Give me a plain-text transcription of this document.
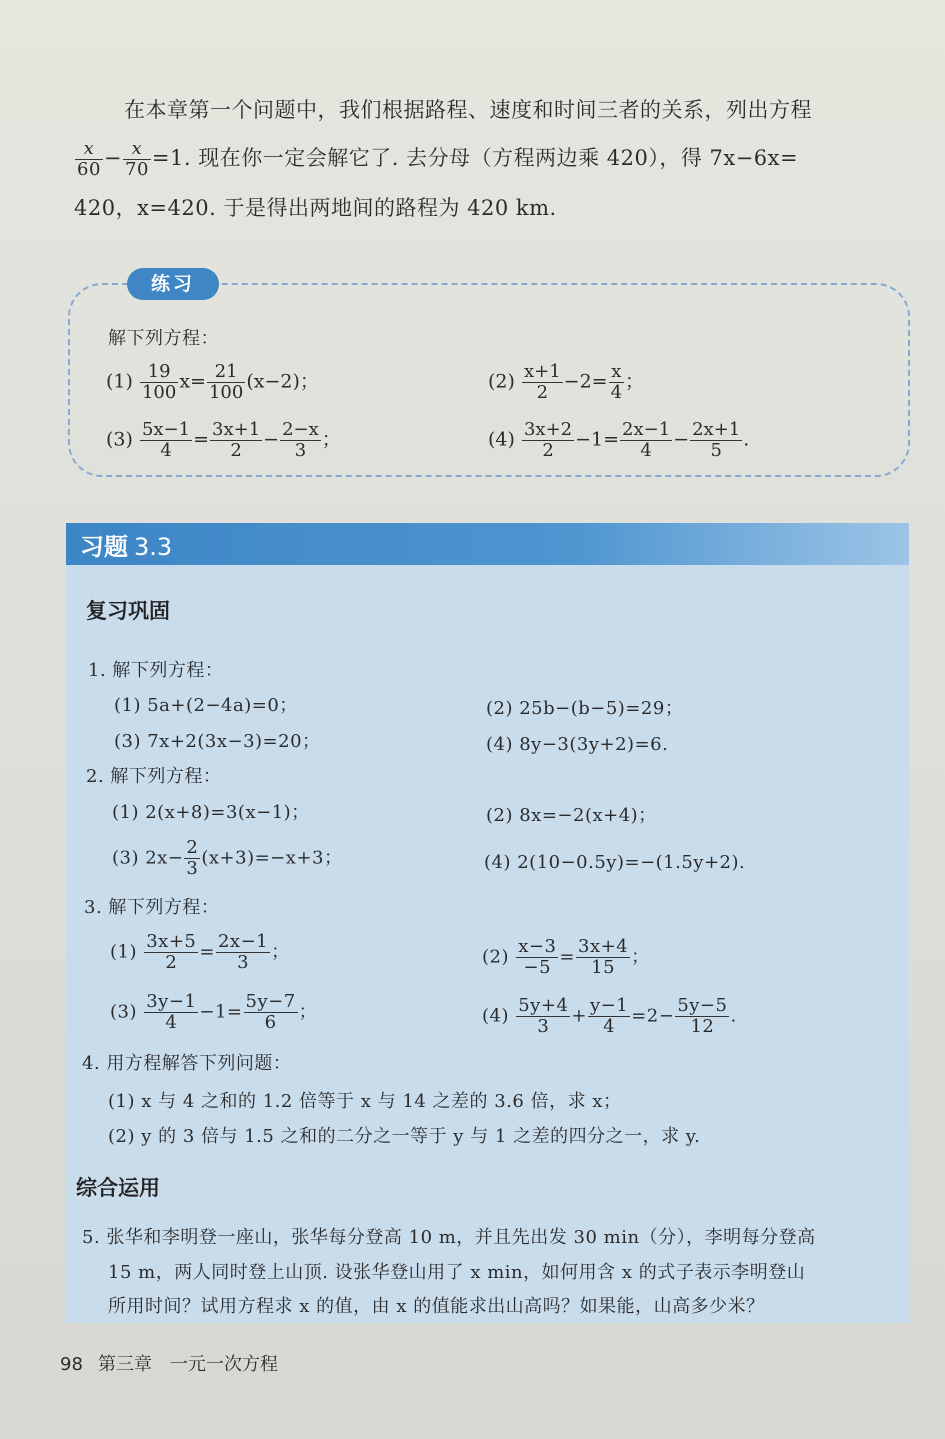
在本章第一个问题中，我们根据路程、速度和时间三者的关系，列出方程
$\frac{x}{60} - \frac{x}{70} =1$. 现在你一定会解它了. 去分母（方程两边乘 420），得 7x−6x=
420，x=420. 于是得出两地间的路程为 420 km.
练习
解下列方程：
$(1) \frac{19}{100} x= \frac{21}{100} (x-2)$；	$(2) \frac{x+1}{2} -2= \frac{x}{4}$ ；
$(3) \frac{5x-1}{4} = \frac{3x+1}{2} - \frac{2-x}{3}$ ；	$(4) \frac{3x+2}{2} -1= \frac{2x-1}{4} - \frac{2x+1}{5}$ .
习题 3.3
复习巩固
1. 解下列方程：
(1) 5a+(2−4a)=0；	(2) 25b−(b−5)=29；
(3) 7x+2(3x−3)=20；	(4) 8y−3(3y+2)=6.
2. 解下列方程：
(1) 2(x+8)=3(x−1)；	(2) 8x=−2(x+4)；
(3) $2x- \frac{2}{3} (x+3)=-x+3$；	(4) 2(10−0.5y)=−(1.5y+2).
3. 解下列方程：
$(1) \frac{3x+5}{2} = \frac{2x-1}{3}$ ；	$(2) \frac{x-3}{-5} = \frac{3x+4}{15}$ ；
$(3) \frac{3y-1}{4} -1= \frac{5y-7}{6}$ ；	$(4) \frac{5y+4}{3} + \frac{y-1}{4} =2- \frac{5y-5}{12}$ .
4. 用方程解答下列问题：
(1) x 与 4 之和的 1.2 倍等于 x 与 14 之差的 3.6 倍，求 x；
(2) y 的 3 倍与 1.5 之和的二分之一等于 y 与 1 之差的四分之一，求 y.
综合运用
5. 张华和李明登一座山，张华每分登高 10 m，并且先出发 30 min（分），李明每分登高
15 m，两人同时登上山顶. 设张华登山用了 x min，如何用含 x 的式子表示李明登山
所用时间？试用方程求 x 的值，由 x 的值能求出山高吗？如果能，山高多少米？
98 第三章　一元一次方程
